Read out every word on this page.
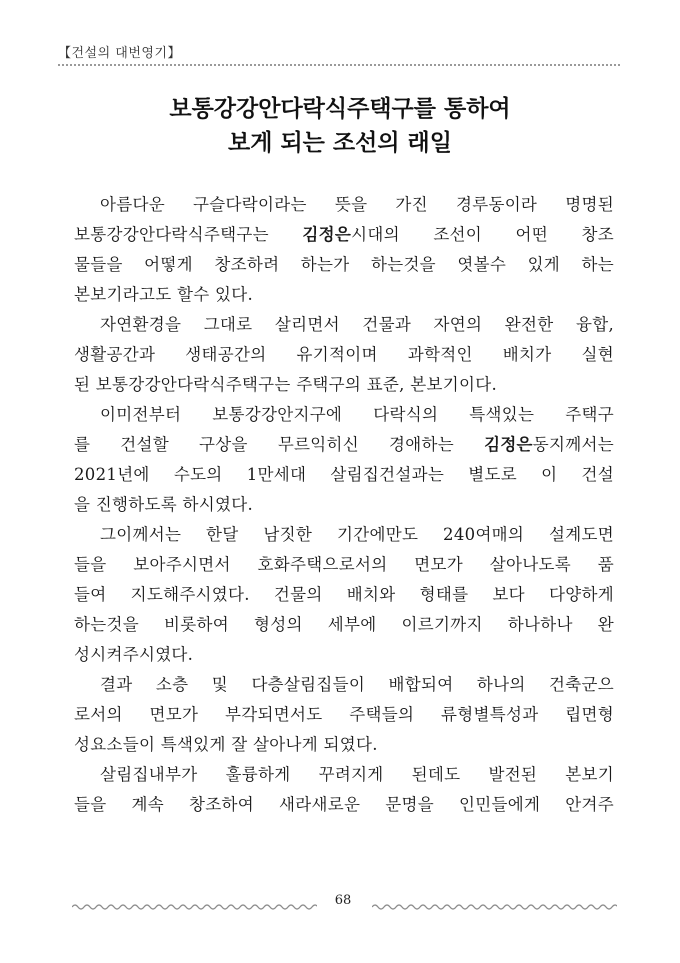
【건설의 대번영기】
보통강강안다락식주택구를 통하여
보게 되는 조선의 래일
아름다운 구슬다락이라는 뜻을 가진 경루동이라 명명된
보통강강안다락식주택구는 김정은시대의 조선이 어떤 창조
물들을 어떻게 창조하려 하는가 하는것을 엿볼수 있게 하는
본보기라고도 할수 있다.
자연환경을 그대로 살리면서 건물과 자연의 완전한 융합,
생활공간과 생태공간의 유기적이며 과학적인 배치가 실현
된 보통강강안다락식주택구는 주택구의 표준, 본보기이다.
이미전부터 보통강강안지구에 다락식의 특색있는 주택구
를 건설할 구상을 무르익히신 경애하는 김정은동지께서는
2021년에 수도의 1만세대 살림집건설과는 별도로 이 건설
을 진행하도록 하시였다.
그이께서는 한달 남짓한 기간에만도 240여매의 설계도면
들을 보아주시면서 호화주택으로서의 면모가 살아나도록 품
들여 지도해주시였다. 건물의 배치와 형태를 보다 다양하게
하는것을 비롯하여 형성의 세부에 이르기까지 하나하나 완
성시켜주시였다.
결과 소층 및 다층살림집들이 배합되여 하나의 건축군으
로서의 면모가 부각되면서도 주택들의 류형별특성과 립면형
성요소들이 특색있게 잘 살아나게 되였다.
살림집내부가 훌륭하게 꾸려지게 된데도 발전된 본보기
들을 계속 창조하여 새라새로운 문명을 인민들에게 안겨주
68
